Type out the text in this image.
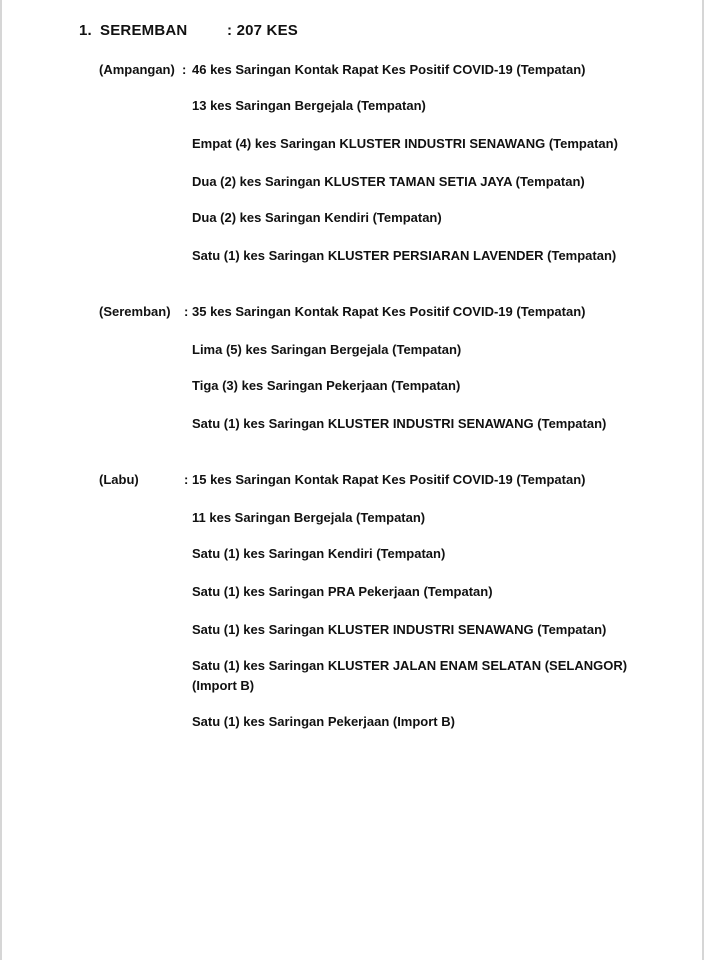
1. SEREMBAN	: 207 KES
(Ampangan) : 46 kes Saringan Kontak Rapat Kes Positif COVID-19 (Tempatan)
13 kes Saringan Bergejala (Tempatan)
Empat (4) kes Saringan KLUSTER INDUSTRI SENAWANG (Tempatan)
Dua (2) kes Saringan KLUSTER TAMAN SETIA JAYA (Tempatan)
Dua (2) kes Saringan Kendiri (Tempatan)
Satu (1) kes Saringan KLUSTER PERSIARAN LAVENDER (Tempatan)
(Seremban) : 35 kes Saringan Kontak Rapat Kes Positif COVID-19 (Tempatan)
Lima (5) kes Saringan Bergejala (Tempatan)
Tiga (3) kes Saringan Pekerjaan (Tempatan)
Satu (1) kes Saringan KLUSTER INDUSTRI SENAWANG (Tempatan)
(Labu)	: 15 kes Saringan Kontak Rapat Kes Positif COVID-19 (Tempatan)
11 kes Saringan Bergejala (Tempatan)
Satu (1) kes Saringan Kendiri (Tempatan)
Satu (1) kes Saringan PRA Pekerjaan (Tempatan)
Satu (1) kes Saringan KLUSTER INDUSTRI SENAWANG (Tempatan)
Satu (1) kes Saringan KLUSTER JALAN ENAM SELATAN (SELANGOR)
(Import B)
Satu (1) kes Saringan Pekerjaan (Import B)
